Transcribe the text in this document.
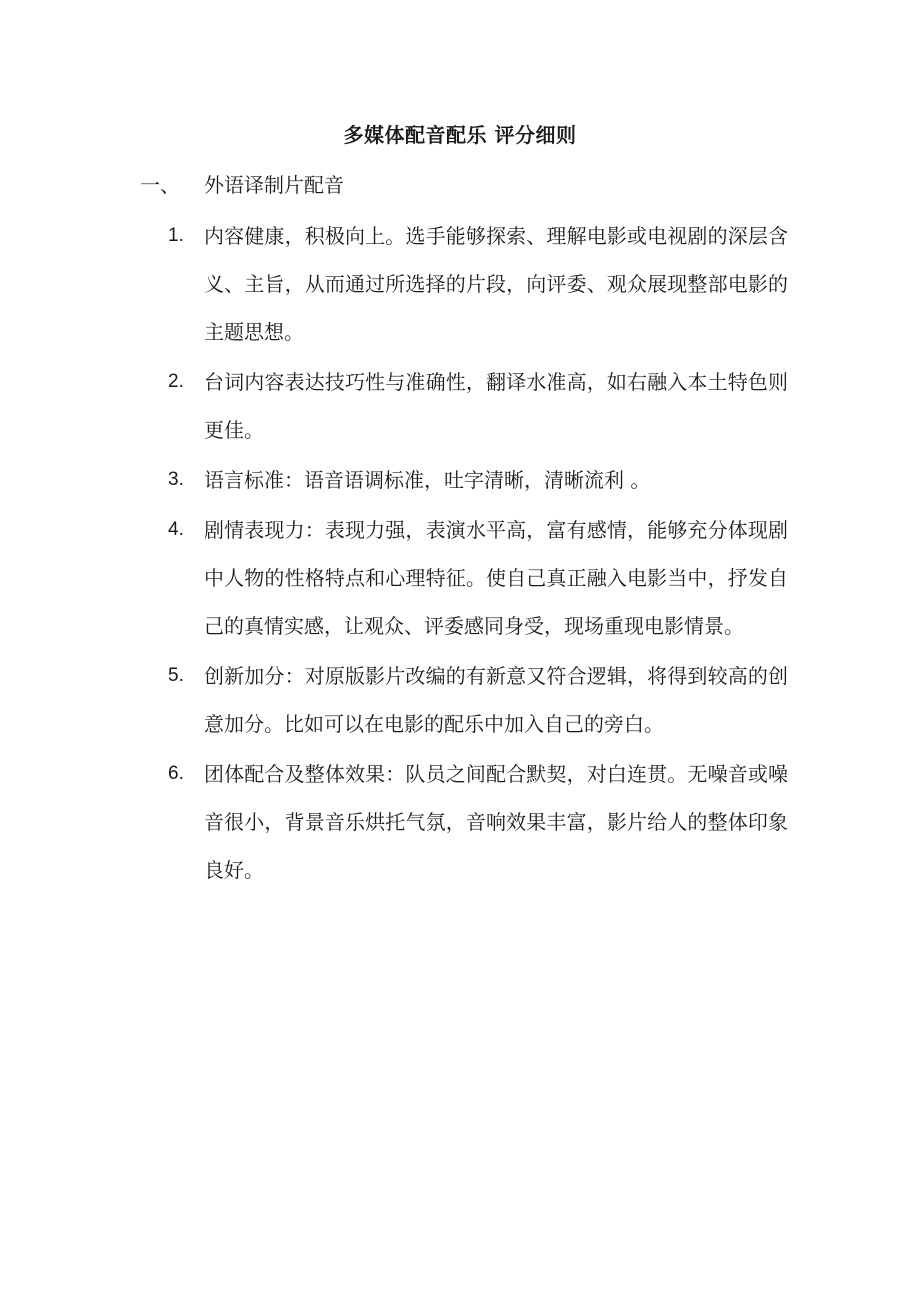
多媒体配音配乐 评分细则
一、 外语译制片配音
1.	内容健康，积极向上。选手能够探索、理解电影或电视剧的深层含义、主旨，从而通过所选择的片段，向评委、观众展现整部电影的主题思想。
2.	台词内容表达技巧性与准确性，翻译水准高，如右融入本土特色则更佳。
3.	语言标准：语音语调标准，吐字清晰，清晰流利 。
4.	剧情表现力：表现力强，表演水平高，富有感情，能够充分体现剧中人物的性格特点和心理特征。使自己真正融入电影当中，抒发自己的真情实感，让观众、评委感同身受，现场重现电影情景。
5.	创新加分：对原版影片改编的有新意又符合逻辑，将得到较高的创意加分。比如可以在电影的配乐中加入自己的旁白。
6.	团体配合及整体效果：队员之间配合默契，对白连贯。无噪音或噪音很小，背景音乐烘托气氛，音响效果丰富，影片给人的整体印象良好。
